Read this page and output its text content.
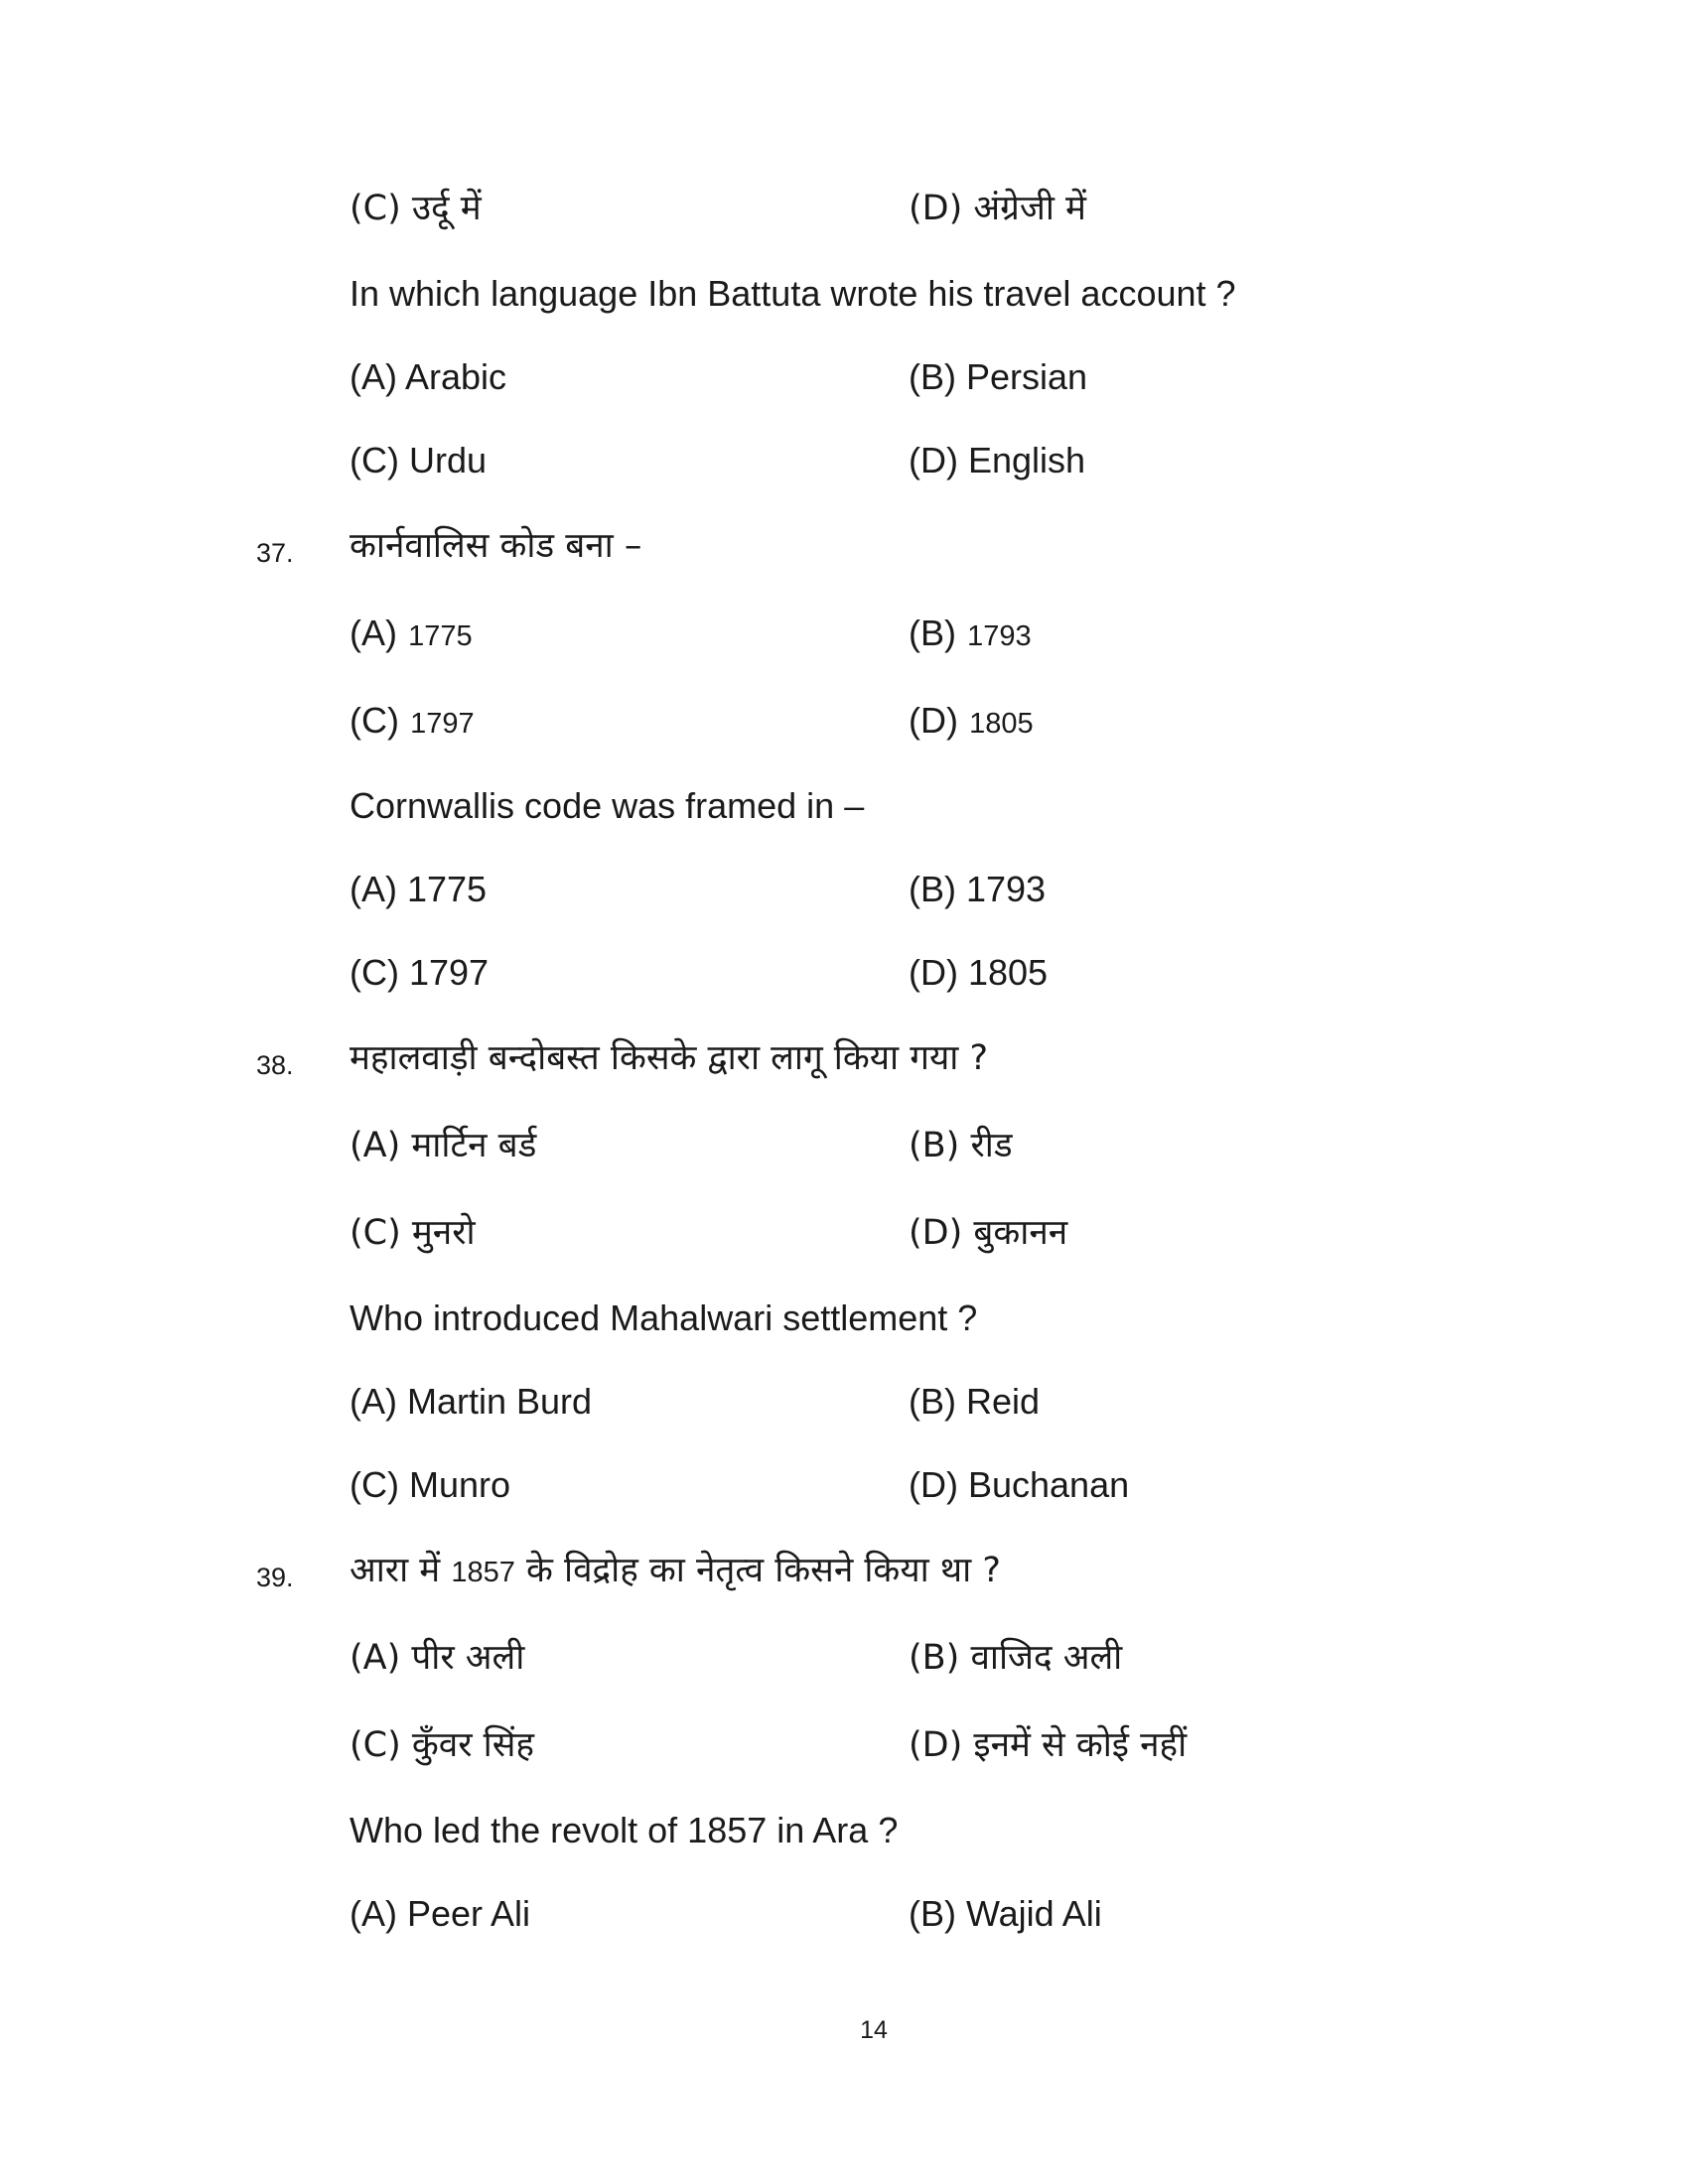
(C) उर्दू में	(D) अंग्रेजी में
In which language Ibn Battuta wrote his travel account ?
(A) Arabic	(B) Persian
(C) Urdu	(D) English
37. कार्नवालिस कोड बना –
(A) 1775	(B) 1793
(C) 1797	(D) 1805
Cornwallis code was framed in –
(A) 1775	(B) 1793
(C) 1797	(D) 1805
38. महालवाड़ी बन्दोबस्त किसके द्वारा लागू किया गया ?
(A) मार्टिन बर्ड	(B) रीड
(C) मुनरो	(D) बुकानन
Who introduced Mahalwari settlement ?
(A) Martin Burd	(B) Reid
(C) Munro	(D) Buchanan
39. आरा में 1857 के विद्रोह का नेतृत्व किसने किया था ?
(A) पीर अली	(B) वाजिद अली
(C) कुँवर सिंह	(D) इनमें से कोई नहीं
Who led the revolt of 1857 in Ara ?
(A) Peer Ali	(B) Wajid Ali
14
